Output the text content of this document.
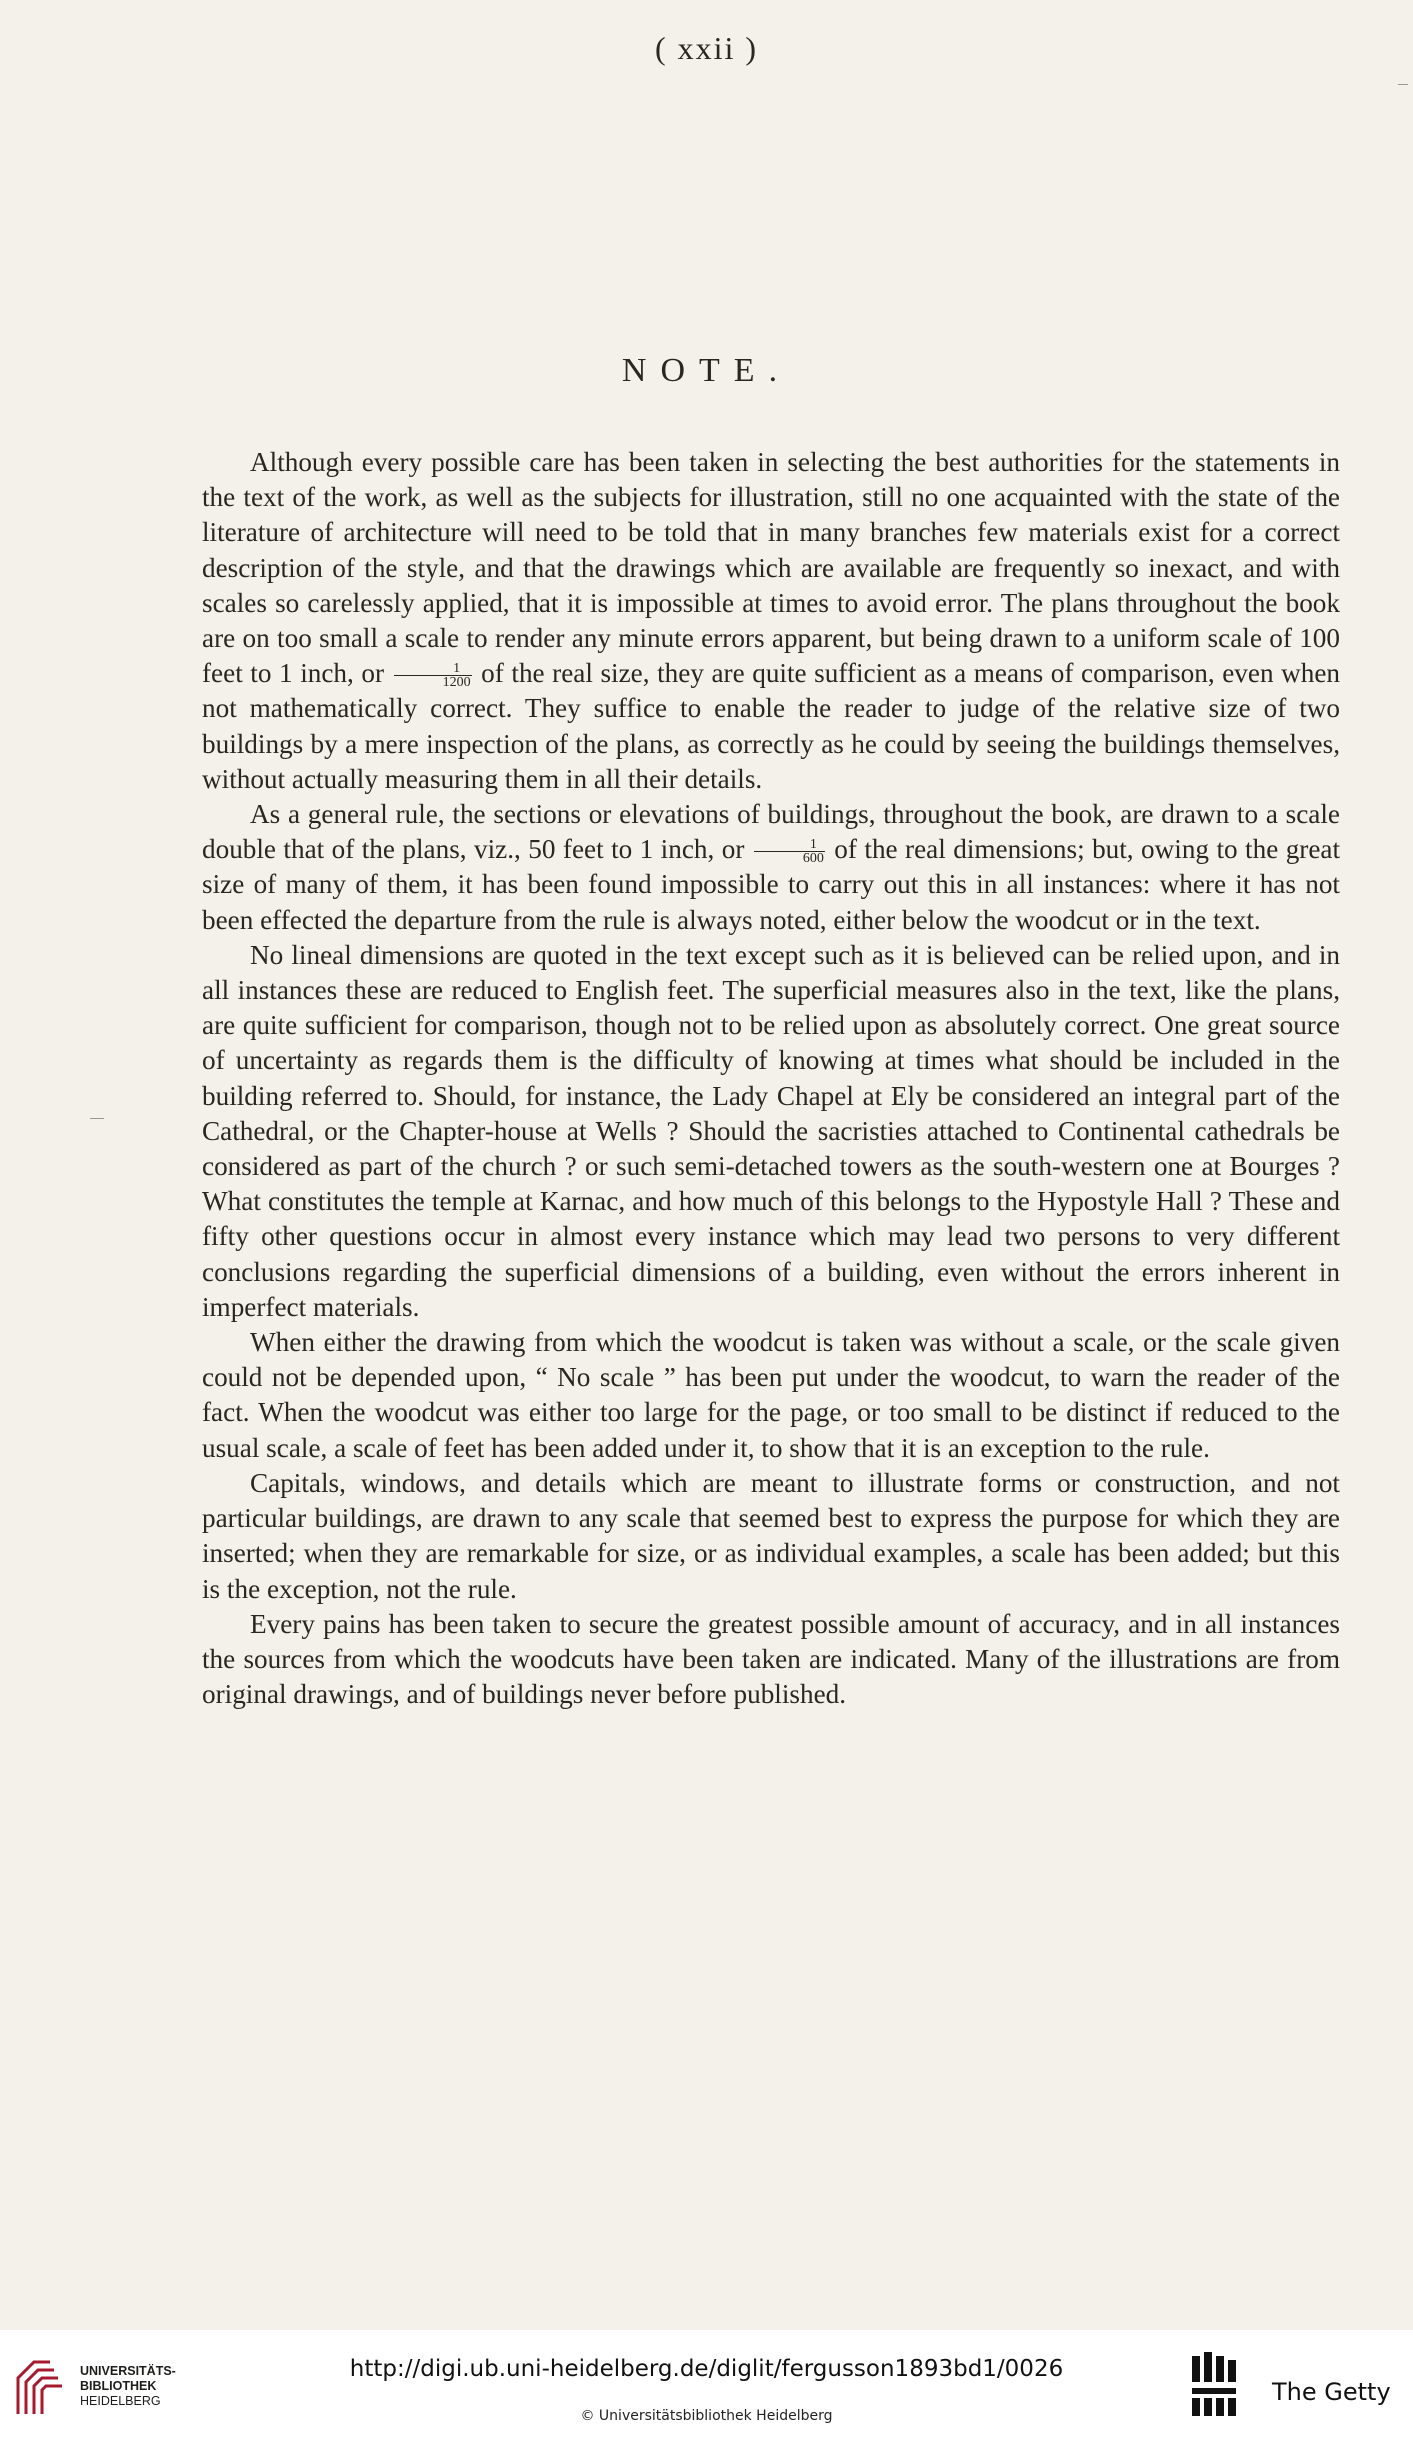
( xxii )
NOTE.

Although every possible care has been taken in selecting the best authorities for the statements in the text of the work, as well as the subjects for illustration, still no one acquainted with the state of the literature of architecture will need to be told that in many branches few materials exist for a correct description of the style, and that the drawings which are available are frequently so inexact, and with scales so carelessly applied, that it is impossible at times to avoid error. The plans throughout the book are on too small a scale to render any minute errors apparent, but being drawn to a uniform scale of 100 feet to 1 inch, or $\frac{1}{1200}$ of the real size, they are quite sufficient as a means of comparison, even when not mathematically correct. They suffice to enable the reader to judge of the relative size of two buildings by a mere inspection of the plans, as correctly as he could by seeing the buildings themselves, without actually measuring them in all their details.

As a general rule, the sections or elevations of buildings, throughout the book, are drawn to a scale double that of the plans, viz., 50 feet to 1 inch, or $\frac{1}{600}$ of the real dimensions; but, owing to the great size of many of them, it has been found impossible to carry out this in all instances: where it has not been effected the departure from the rule is always noted, either below the woodcut or in the text.

No lineal dimensions are quoted in the text except such as it is believed can be relied upon, and in all instances these are reduced to English feet. The superficial measures also in the text, like the plans, are quite sufficient for comparison, though not to be relied upon as absolutely correct. One great source of uncertainty as regards them is the difficulty of knowing at times what should be included in the building referred to. Should, for instance, the Lady Chapel at Ely be considered an integral part of the Cathedral, or the Chapter-house at Wells ? Should the sacristies attached to Continental cathedrals be considered as part of the church ? or such semi-detached towers as the south-western one at Bourges ? What constitutes the temple at Karnac, and how much of this belongs to the Hypostyle Hall ? These and fifty other questions occur in almost every instance which may lead two persons to very different conclusions regarding the superficial dimensions of a building, even without the errors inherent in imperfect materials.

When either the drawing from which the woodcut is taken was without a scale, or the scale given could not be depended upon, “ No scale ” has been put under the woodcut, to warn the reader of the fact. When the woodcut was either too large for the page, or too small to be distinct if reduced to the usual scale, a scale of feet has been added under it, to show that it is an exception to the rule.

Capitals, windows, and details which are meant to illustrate forms or construction, and not particular buildings, are drawn to any scale that seemed best to express the purpose for which they are inserted; when they are remarkable for size, or as individual examples, a scale has been added; but this is the exception, not the rule.

Every pains has been taken to secure the greatest possible amount of accuracy, and in all instances the sources from which the woodcuts have been taken are indicated. Many of the illustrations are from original drawings, and of buildings never before published.

UNIVERSITÄTS-
BIBLIOTHEK
HEIDELBERG
http://digi.ub.uni-heidelberg.de/diglit/fergusson1893bd1/0026
© Universitätsbibliothek Heidelberg
The Getty
